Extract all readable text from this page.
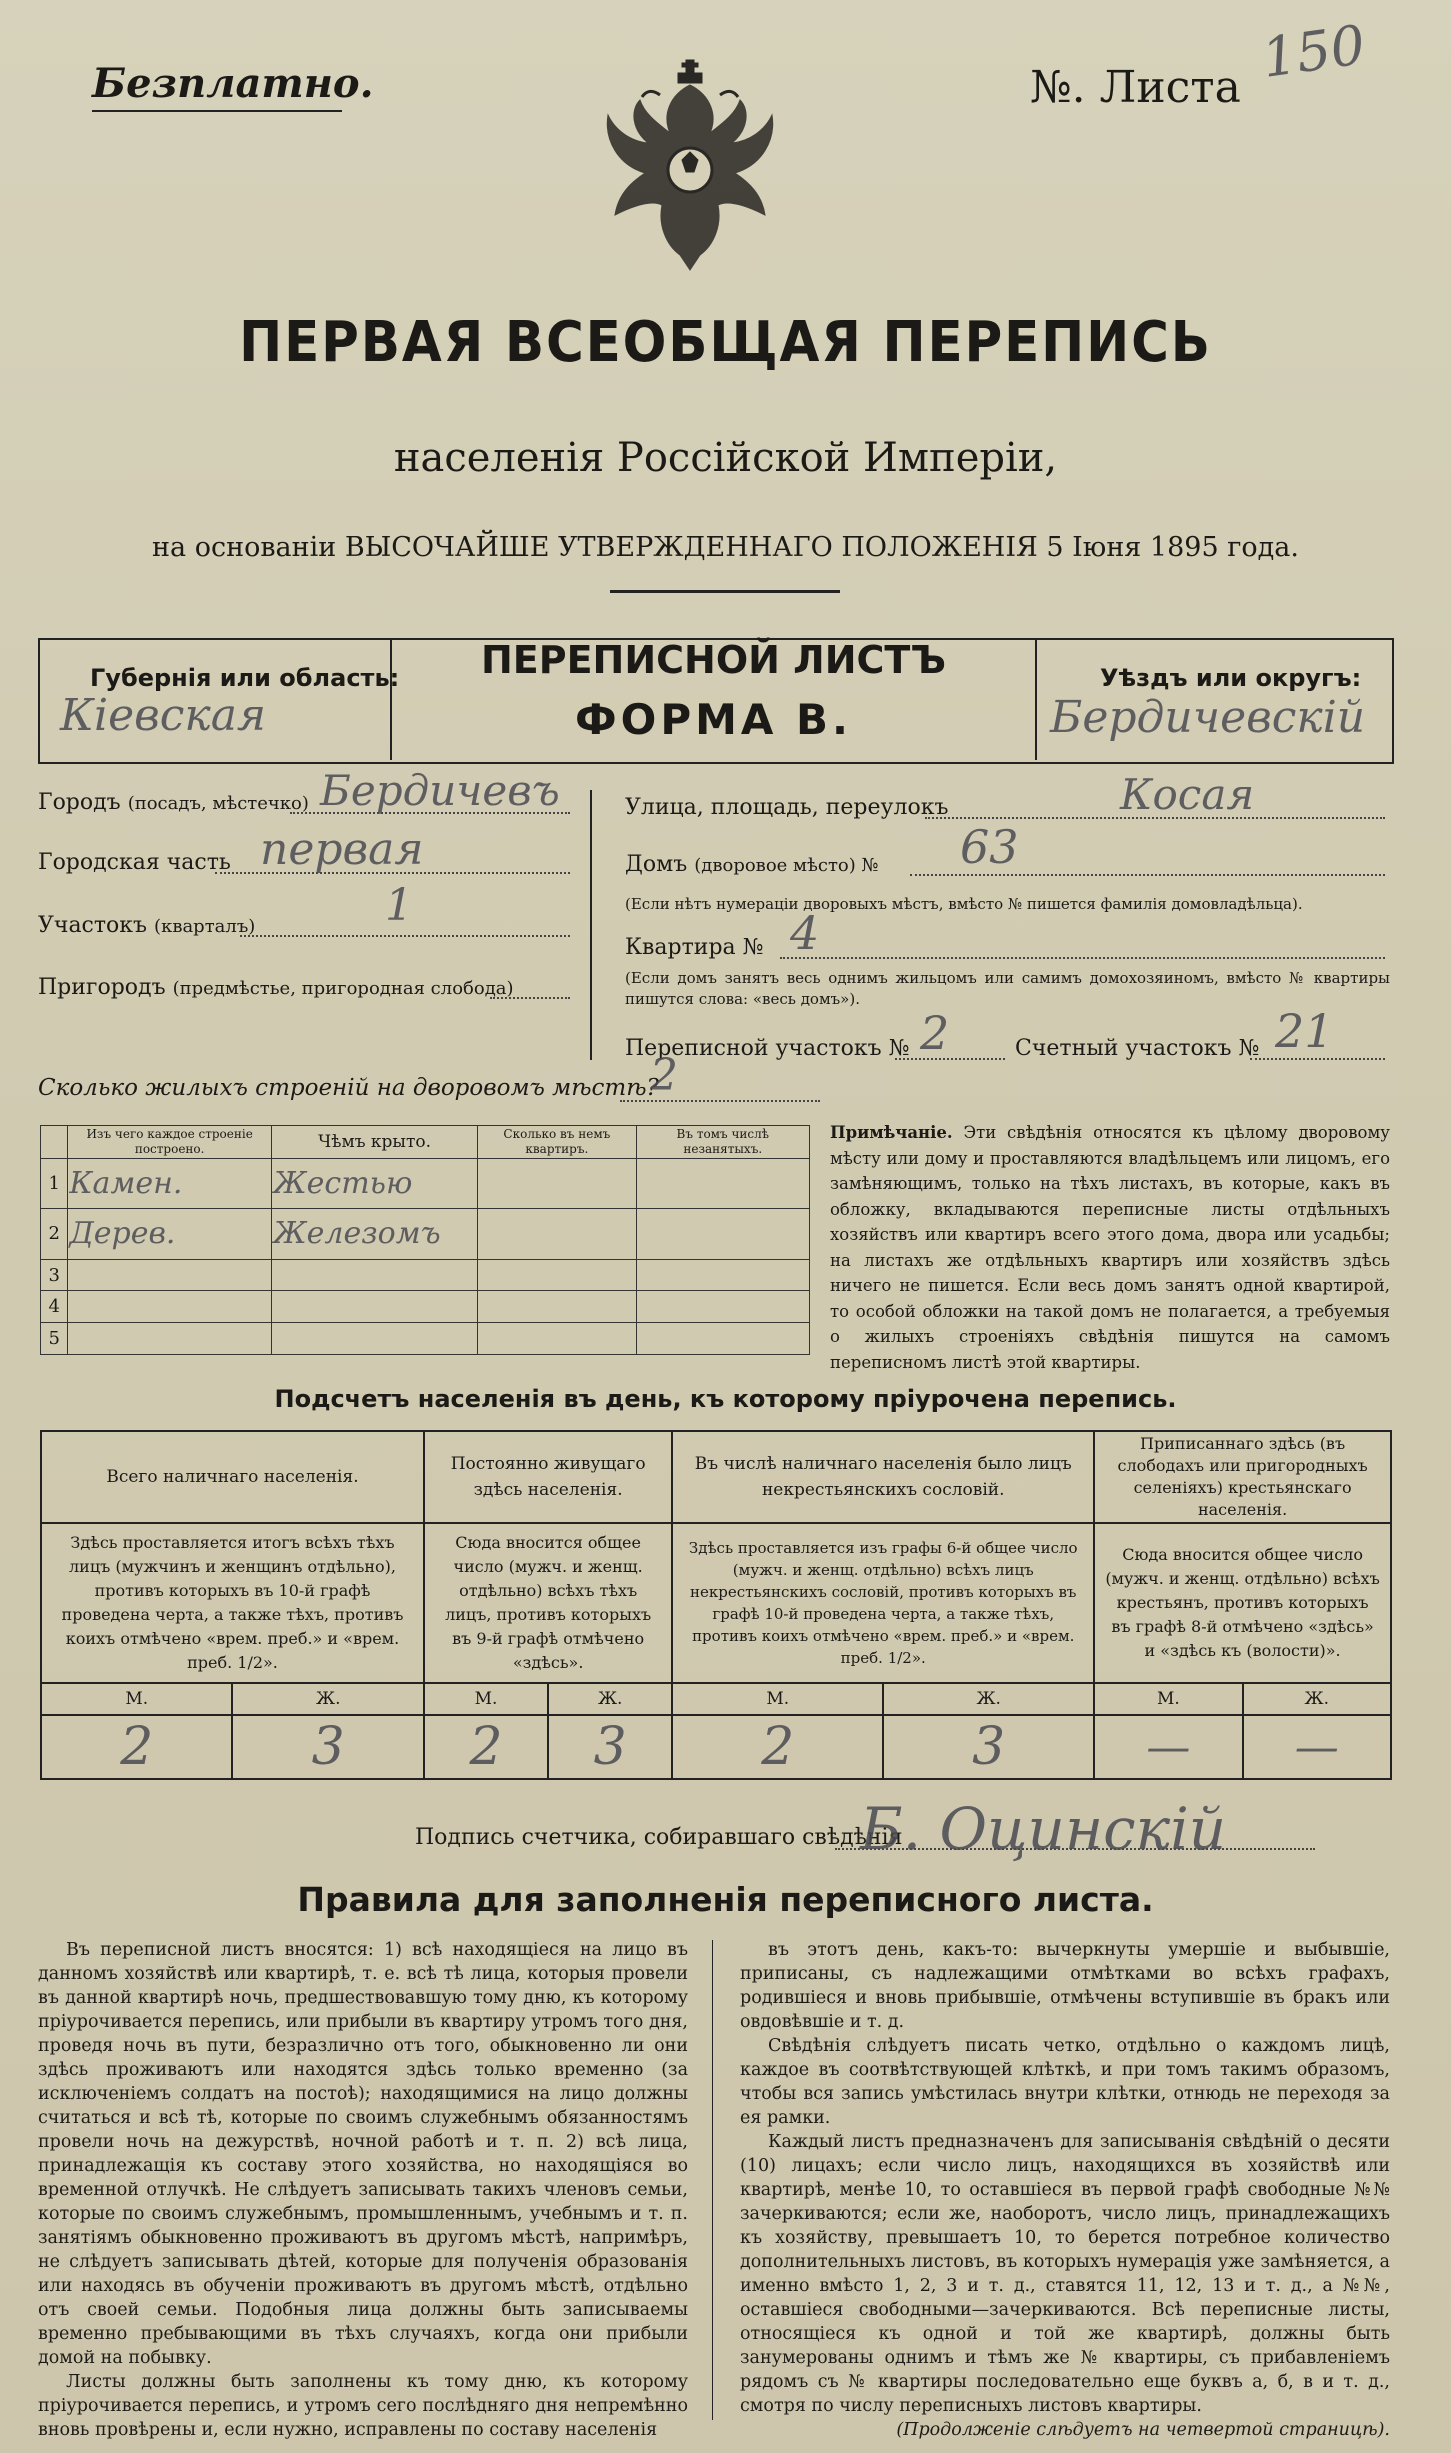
Безплатно.	№. Листа 150
ПЕРВАЯ ВСЕОБЩАЯ ПЕРЕПИСЬ
населенія Россійской Имперіи,
на основаніи ВЫСОЧАЙШЕ УТВЕРЖДЕННАГО ПОЛОЖЕНІЯ 5 Іюня 1895 года.
Губернія или область:
Кіевская
ПЕРЕПИСНОЙ ЛИСТЪ
ФОРМА В.
Уѣздъ или округъ:
Бердичевскій
Городъ (посадъ, мѣстечко) Бердичевъ
Городская часть первая
Участокъ (кварталъ)	1
Пригородъ (предмѣстье, пригородная слобода)
Улица, площадь, переулокъ	Косая
Домъ (дворовое мѣсто) № 63
(Если нѣтъ нумераціи дворовыхъ мѣстъ, вмѣсто № пишется фамилія домовладѣльца).
Квартира № 4
(Если домъ занятъ весь однимъ жильцомъ или самимъ домохозяиномъ, вмѣсто № квартиры пишутся слова: «весь домъ»).
Переписной участокъ № 2	Счетный участокъ № 21
Сколько жилыхъ строеній на дворовомъ мѣстѣ?
2
	Изъ чего каждое строеніе построено.	Чѣмъ крыто.	Сколько въ немъ квартиръ.	Въ томъ числѣ незанятыхъ.
1	Камен.	Жестью		
2	Дерев.	Железомъ		
3				
4				
5				
Примѣчаніе. Эти свѣдѣнія относятся къ цѣлому дворовому мѣсту или дому и проставляются владѣльцемъ или лицомъ, его замѣняющимъ, только на тѣхъ листахъ, въ которые, какъ въ обложку, вкладываются переписные листы отдѣльныхъ хозяйствъ или квартиръ всего этого дома, двора или усадьбы; на листахъ же отдѣльныхъ квартиръ или хозяйствъ здѣсь ничего не пишется. Если весь домъ занятъ одной квартирой, то особой обложки на такой домъ не полагается, а требуемыя о жилыхъ строеніяхъ свѣдѣнія пишутся на самомъ переписномъ листѣ этой квартиры.
Подсчетъ населенія въ день, къ которому пріурочена перепись.
Всего наличнаго населенія.		Постоянно живущаго здѣсь населенія.		Въ числѣ наличнаго населенія было лицъ некрестьянскихъ сословій.		Приписаннаго здѣсь (въ слободахъ или пригородныхъ селеніяхъ) крестьянскаго населенія.	
Здѣсь проставляется итогъ всѣхъ тѣхъ лицъ (мужчинъ и женщинъ отдѣльно), противъ которыхъ въ 10-й графѣ проведена черта, а также тѣхъ, противъ коихъ отмѣчено «врем. преб.» и «врем. преб. 1/2».		Сюда вносится общее число (мужч. и женщ. отдѣльно) всѣхъ тѣхъ лицъ, противъ которыхъ въ 9-й графѣ отмѣчено «здѣсь».		Здѣсь проставляется изъ графы 6-й общее число (мужч. и женщ. отдѣльно) всѣхъ лицъ некрестьянскихъ сословій, противъ которыхъ въ графѣ 10-й проведена черта, а также тѣхъ, противъ коихъ отмѣчено «врем. преб.» и «врем. преб. 1/2».		Сюда вносится общее число (мужч. и женщ. отдѣльно) всѣхъ крестьянъ, противъ которыхъ въ графѣ 8-й отмѣчено «здѣсь» и «здѣсь къ (волости)».	
М.	Ж.	М.	Ж.	М.	Ж.	М.	Ж.
2	3	2	3	2	3	—	—
Подпись счетчика, собиравшаго свѣдѣнія
Б. Оцинскій
Правила для заполненія переписного листа.

Въ переписной листъ вносятся: 1) всѣ находящіеся на лицо въ данномъ хозяйствѣ или квартирѣ, т. е. всѣ тѣ лица, которыя провели въ данной квартирѣ ночь, предшествовавшую тому дню, къ которому пріурочивается перепись, или прибыли въ квартиру утромъ того дня, проведя ночь въ пути, безразлично отъ того, обыкновенно ли они здѣсь проживаютъ или находятся здѣсь только временно (за исключеніемъ солдатъ на постоѣ); находящимися на лицо должны считаться и всѣ тѣ, которые по своимъ служебнымъ обязанностямъ провели ночь на дежурствѣ, ночной работѣ и т. п. 2) всѣ лица, принадлежащія къ составу этого хозяйства, но находящіяся во временной отлучкѣ. Не слѣдуетъ записывать такихъ членовъ семьи, которые по своимъ служебнымъ, промышленнымъ, учебнымъ и т. п. занятіямъ обыкновенно проживаютъ въ другомъ мѣстѣ, напримѣръ, не слѣдуетъ записывать дѣтей, которые для полученія образованія или находясь въ обученіи проживаютъ въ другомъ мѣстѣ, отдѣльно отъ своей семьи. Подобныя лица должны быть записываемы временно пребывающими въ тѣхъ случаяхъ, когда они прибыли домой на побывку.

Листы должны быть заполнены къ тому дню, къ которому пріурочивается перепись, и утромъ сего послѣдняго дня непремѣнно вновь провѣрены и, если нужно, исправлены по составу населенія

въ этотъ день, какъ-то: вычеркнуты умершіе и выбывшіе, приписаны, съ надлежащими отмѣтками во всѣхъ графахъ, родившіеся и вновь прибывшіе, отмѣчены вступившіе въ бракъ или овдовѣвшіе и т. д.

Свѣдѣнія слѣдуетъ писать четко, отдѣльно о каждомъ лицѣ, каждое въ соотвѣтствующей клѣткѣ, и при томъ такимъ образомъ, чтобы вся запись умѣстилась внутри клѣтки, отнюдь не переходя за ея рамки.

Каждый листъ предназначенъ для записыванія свѣдѣній о десяти (10) лицахъ; если число лицъ, находящихся въ хозяйствѣ или квартирѣ, менѣе 10, то оставшіеся въ первой графѣ свободные №№ зачеркиваются; если же, наоборотъ, число лицъ, принадлежащихъ къ хозяйству, превышаетъ 10, то берется потребное количество дополнительныхъ листовъ, въ которыхъ нумерація уже замѣняется, а именно вмѣсто 1, 2, 3 и т. д., ставятся 11, 12, 13 и т. д., а №№, оставшіеся свободными—зачеркиваются. Всѣ переписные листы, относящіеся къ одной и той же квартирѣ, должны быть занумерованы однимъ и тѣмъ же № квартиры, съ прибавленіемъ рядомъ съ № квартиры последовательно еще буквъ а, б, в и т. д., смотря по числу переписныхъ листовъ квартиры.

(Продолженіе слѣдуетъ на четвертой страницѣ).
